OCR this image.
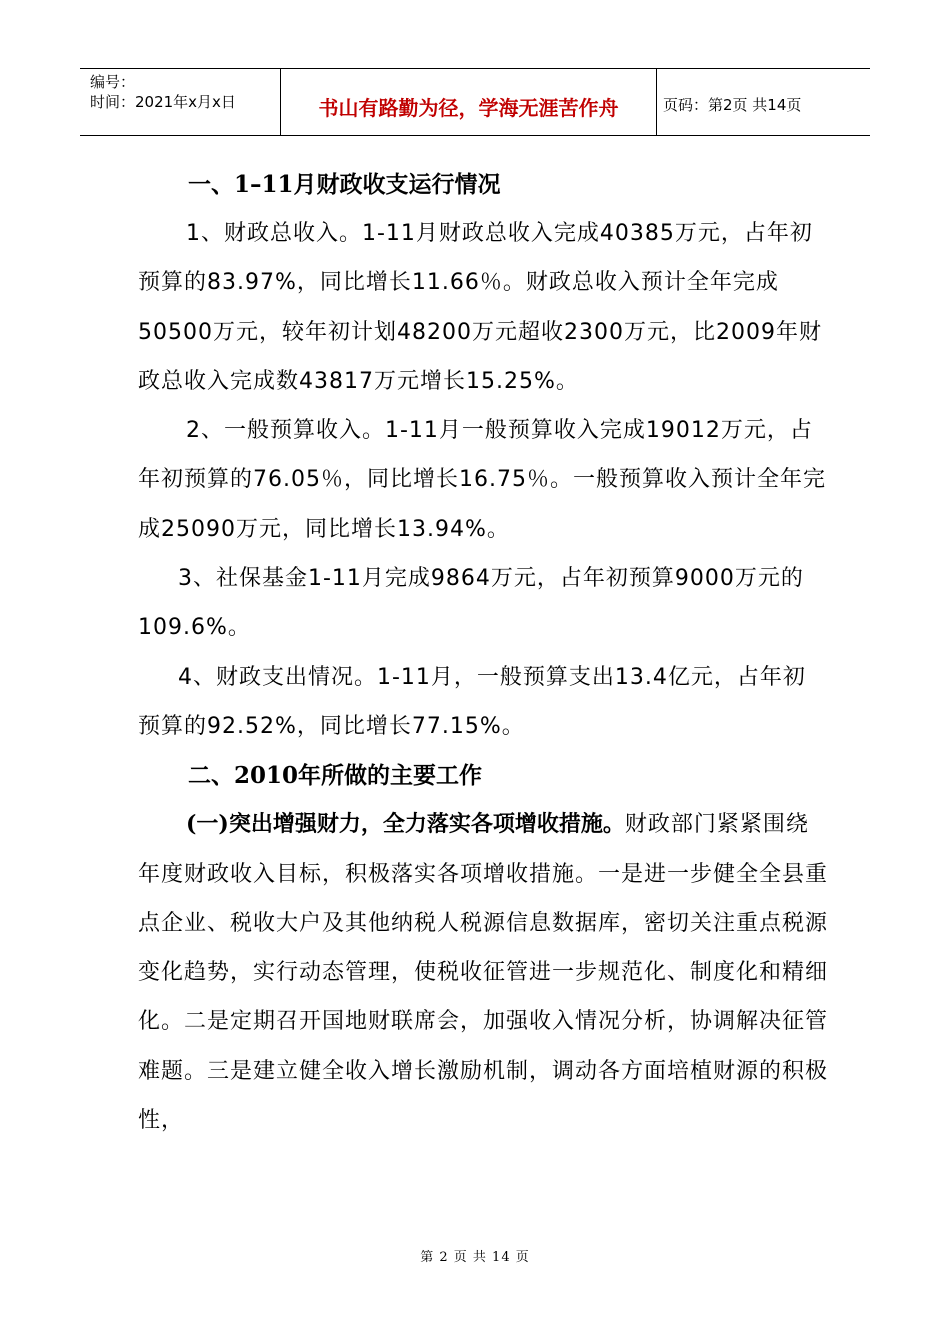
编号：
时间：2021年x月x日	书山有路勤为径，学海无涯苦作舟	页码：第2页 共14页
一、1–11月财政收支运行情况

1、财政总收入。1-11月财政总收入完成40385万元，占年初预算的83.97%，同比增长11.66％。财政总收入预计全年完成50500万元，较年初计划48200万元超收2300万元，比2009年财政总收入完成数43817万元增长15.25%。

2、一般预算收入。1-11月一般预算收入完成19012万元，占年初预算的76.05％，同比增长16.75％。一般预算收入预计全年完成25090万元，同比增长13.94%。

3、社保基金1-11月完成9864万元，占年初预算9000万元的109.6%。

4、财政支出情况。1-11月，一般预算支出13.4亿元，占年初预算的92.52%，同比增长77.15%。

二、2010年所做的主要工作

(一)突出增强财力，全力落实各项增收措施。财政部门紧紧围绕年度财政收入目标，积极落实各项增收措施。一是进一步健全全县重点企业、税收大户及其他纳税人税源信息数据库，密切关注重点税源变化趋势，实行动态管理，使税收征管进一步规范化、制度化和精细化。二是定期召开国地财联席会，加强收入情况分析，协调解决征管难题。三是建立健全收入增长激励机制，调动各方面培植财源的积极性，

第 2 页 共 14 页
